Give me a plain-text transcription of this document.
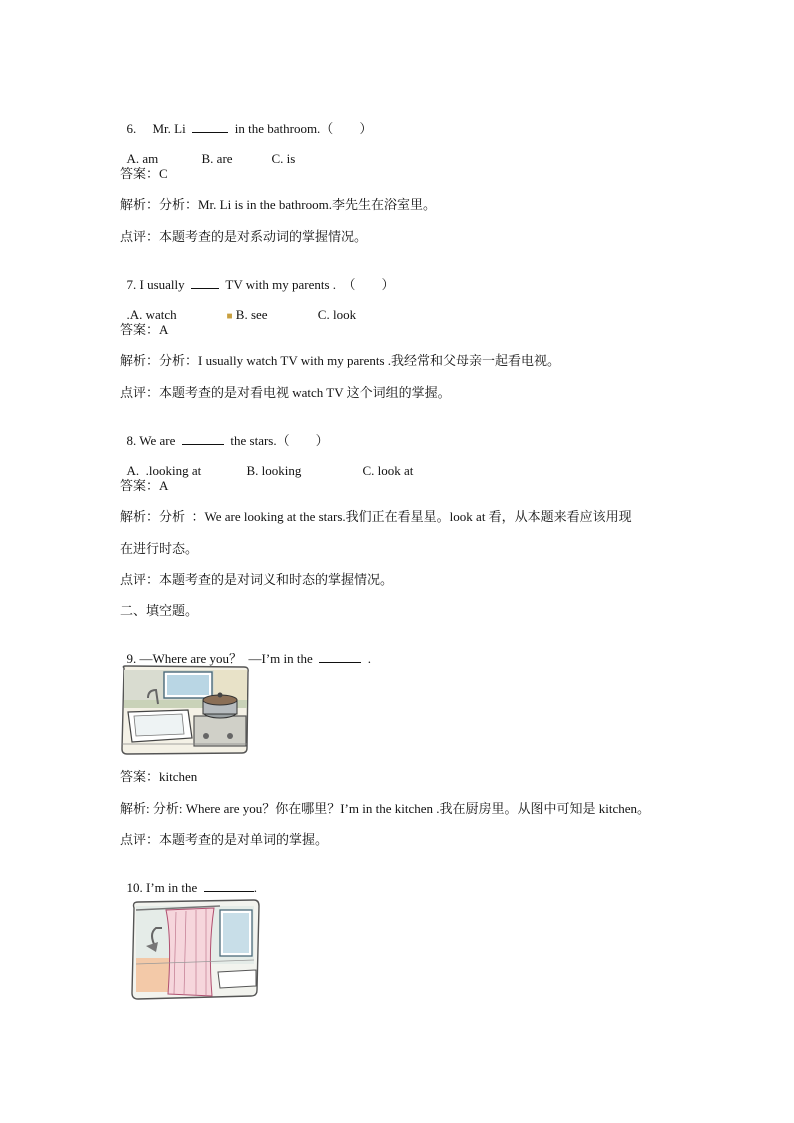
6. Mr. Li	in the bathroom.（ ）

A. am	B. are	C. is

答案：C
解析：分析：Mr. Li is in the bathroom.李先生在浴室里。
点评：本题考查的是对系动词的掌握情况。

7. I usually	TV with my parents .  （ ）

.A. watch	■ B. see	C. look

答案：A
解析：分析：I usually watch TV with my parents .我经常和父母亲一起看电视。
点评：本题考查的是对看电视 watch TV 这个词组的掌握。

8. We are	the stars.（ ）

A.  .looking at	B. looking	C. look at

答案：A
解析：分析  ：We are looking at the stars.我们正在看星星。look at 看，从本题来看应该用现
在进行时态。
点评：本题考查的是对词义和时态的掌握情况。
二、填空题。

9. —Where are you？  —I’m in the	.

答案：kitchen
解析: 分析: Where are you？你在哪里？I’m in the kitchen .我在厨房里。从图中可知是 kitchen。
点评：本题考查的是对单词的掌握。

10. I’m in the	.
